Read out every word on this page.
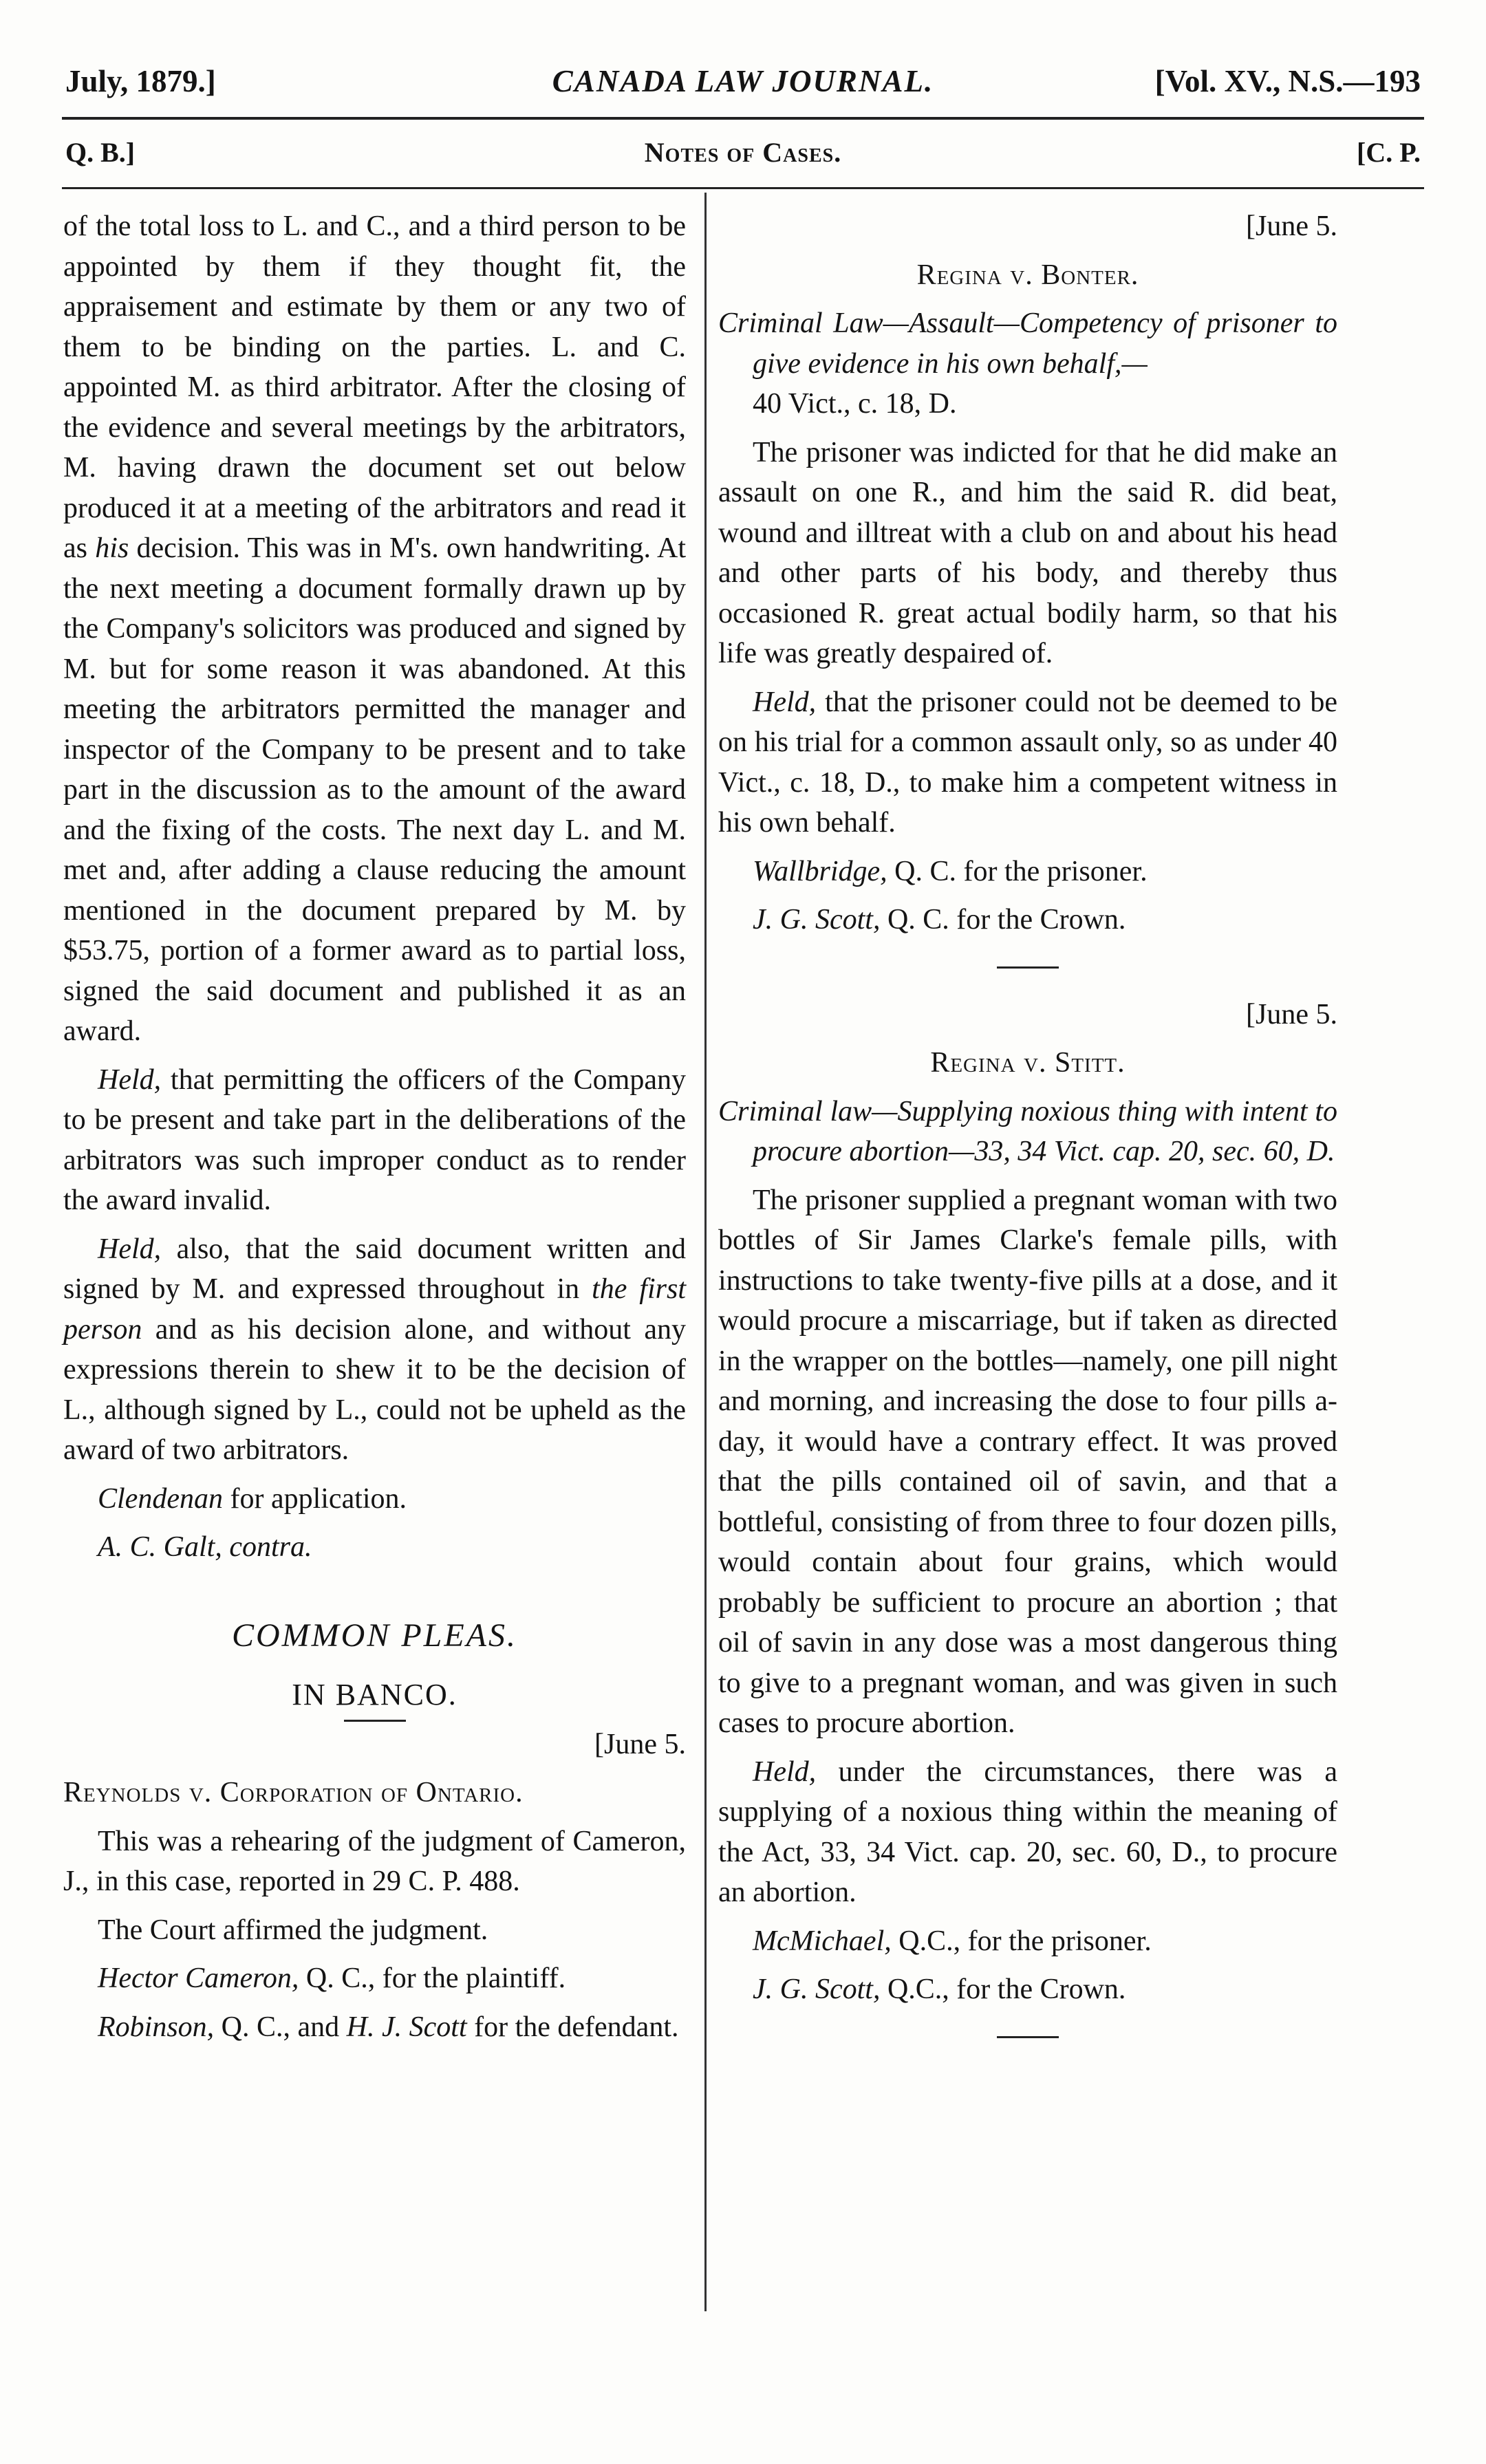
July, 1879.]	CANADA LAW JOURNAL.	[Vol. XV., N.S.—193
Q. B.]	Notes of Cases.	[C. P.

of the total loss to L. and C., and a third person to be appointed by them if they thought fit, the appraisement and estimate by them or any two of them to be binding on the parties. L. and C. appointed M. as third arbitrator. After the closing of the evidence and several meetings by the arbitrators, M. having drawn the document set out below produced it at a meeting of the arbitrators and read it as his decision. This was in M's. own handwriting. At the next meeting a document formally drawn up by the Company's solicitors was produced and signed by M. but for some reason it was abandoned. At this meeting the arbitrators permitted the manager and inspector of the Company to be present and to take part in the discussion as to the amount of the award and the fixing of the costs. The next day L. and M. met and, after adding a clause reducing the amount mentioned in the document prepared by M. by $53.75, portion of a former award as to partial loss, signed the said document and published it as an award.

Held, that permitting the officers of the Company to be present and take part in the deliberations of the arbitrators was such improper conduct as to render the award invalid.

Held, also, that the said document written and signed by M. and expressed throughout in the first person and as his decision alone, and without any expressions therein to shew it to be the decision of L., although signed by L., could not be upheld as the award of two arbitrators.

Clendenan for application.

A. C. Galt, contra.

COMMON PLEAS.
IN BANCO.

[June 5.

Reynolds v. Corporation of Ontario.

This was a rehearing of the judgment of Cameron, J., in this case, reported in 29 C. P. 488.

The Court affirmed the judgment.

Hector Cameron, Q. C., for the plaintiff.

Robinson, Q. C., and H. J. Scott for the defendant.

[June 5.

Regina v. Bonter.

Criminal Law—Assault—Competency of prisoner to give evidence in his own behalf,—
40 Vict., c. 18, D.

The prisoner was indicted for that he did make an assault on one R., and him the said R. did beat, wound and illtreat with a club on and about his head and other parts of his body, and thereby thus occasioned R. great actual bodily harm, so that his life was greatly despaired of.

Held, that the prisoner could not be deemed to be on his trial for a common assault only, so as under 40 Vict., c. 18, D., to make him a competent witness in his own behalf.

Wallbridge, Q. C. for the prisoner.

J. G. Scott, Q. C. for the Crown.

[June 5.

Regina v. Stitt.

Criminal law—Supplying noxious thing with intent to procure abortion—33, 34 Vict. cap. 20, sec. 60, D.

The prisoner supplied a pregnant woman with two bottles of Sir James Clarke's female pills, with instructions to take twenty-five pills at a dose, and it would procure a miscarriage, but if taken as directed in the wrapper on the bottles—namely, one pill night and morning, and increasing the dose to four pills a-day, it would have a contrary effect. It was proved that the pills contained oil of savin, and that a bottleful, consisting of from three to four dozen pills, would contain about four grains, which would probably be sufficient to procure an abortion ; that oil of savin in any dose was a most dangerous thing to give to a pregnant woman, and was given in such cases to procure abortion.

Held, under the circumstances, there was a supplying of a noxious thing within the meaning of the Act, 33, 34 Vict. cap. 20, sec. 60, D., to procure an abortion.

McMichael, Q.C., for the prisoner.

J. G. Scott, Q.C., for the Crown.
